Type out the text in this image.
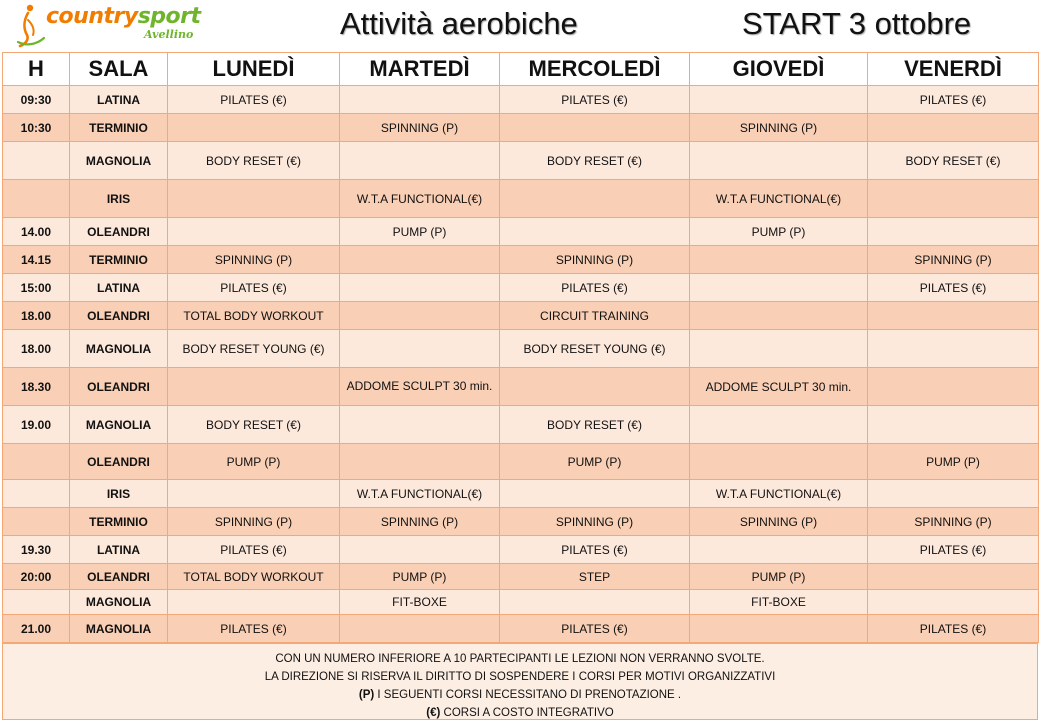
countrysport
Avellino	Attività aerobiche	START 3 ottobre
H	SALA	LUNEDÌ	MARTEDÌ	MERCOLEDÌ	GIOVEDÌ	VENERDÌ
09:30	LATINA	PILATES (€)		PILATES (€)		PILATES (€)
10:30	TERMINIO		SPINNING (P)		SPINNING (P)	
	MAGNOLIA	BODY RESET (€)		BODY RESET (€)		BODY RESET (€)
	IRIS		W.T.A FUNCTIONAL(€)		W.T.A FUNCTIONAL(€)	
14.00	OLEANDRI		PUMP (P)		PUMP (P)	
14.15	TERMINIO	SPINNING (P)		SPINNING (P)		SPINNING (P)
15:00	LATINA	PILATES (€)		PILATES (€)		PILATES (€)
18.00	OLEANDRI	TOTAL BODY WORKOUT		CIRCUIT TRAINING		
18.00	MAGNOLIA	BODY RESET YOUNG (€)		BODY RESET YOUNG (€)		
18.30	OLEANDRI		ADDOME SCULPT 30 min.		ADDOME SCULPT 30 min.	
19.00	MAGNOLIA	BODY RESET (€)		BODY RESET (€)		
	OLEANDRI	PUMP (P)		PUMP (P)		PUMP (P)
	IRIS		W.T.A FUNCTIONAL(€)		W.T.A FUNCTIONAL(€)	
	TERMINIO	SPINNING (P)	SPINNING (P)	SPINNING (P)	SPINNING (P)	SPINNING (P)
19.30	LATINA	PILATES (€)		PILATES (€)		PILATES (€)
20:00	OLEANDRI	TOTAL BODY WORKOUT	PUMP (P)	STEP	PUMP (P)	
	MAGNOLIA		FIT-BOXE		FIT-BOXE	
21.00	MAGNOLIA	PILATES (€)		PILATES (€)		PILATES (€)
CON UN NUMERO INFERIORE A 10 PARTECIPANTI LE LEZIONI NON VERRANNO SVOLTE.
LA DIREZIONE SI RISERVA IL DIRITTO DI SOSPENDERE I CORSI PER MOTIVI ORGANIZZATIVI
(P) I SEGUENTI CORSI NECESSITANO DI PRENOTAZIONE .
(€) CORSI A COSTO INTEGRATIVO
